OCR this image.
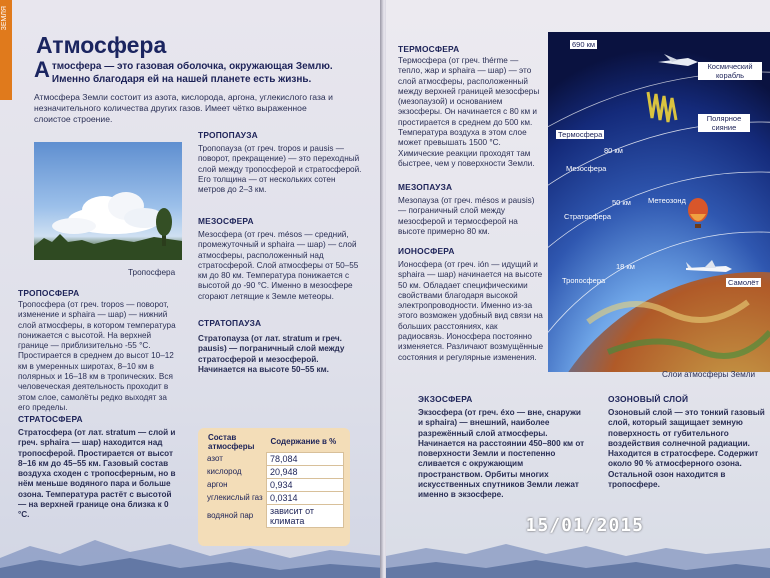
ЗЕМЛЯ
Атмосфера
Атмосфера — это газовая оболочка, окружающая Землю. Именно благодаря ей на нашей планете есть жизнь.
Атмосфера Земли состоит из азота, кислорода, аргона, углекислого газа и незначительного количества других газов. Имеет чётко выраженное слоистое строение.
Тропосфера
ТРОПОСФЕРА
Тропосфера (от греч. tropos — поворот, изменение и sphaira — шар) — нижний слой атмосферы, в котором температура понижается с высотой. На верхней границе — приблизительно -55 °С. Простирается в среднем до высот 10–12 км в умеренных широтах, 8–10 км в полярных и 16–18 км в тропических. Вся человеческая деятельность проходит в этом слое, самолёты редко выходят за его пределы.
СТРАТОСФЕРА
Стратосфера (от лат. stratum — слой и греч. sphaira — шар) находится над тропосферой. Простирается от высот 8–16 км до 45–55 км. Газовый состав воздуха сходен с тропосферным, но в нём меньше водяного пара и больше озона. Температура растёт с высотой — на верхней границе она близка к 0 °С.
ТРОПОПАУЗА
Тропопауза (от греч. tropos и pausis — поворот, прекращение) — это переходный слой между тропосферой и стратосферой. Его толщина — от нескольких сотен метров до 2–3 км.
МЕЗОСФЕРА
Мезосфера (от греч. mésos — средний, промежуточный и sphaira — шар) — слой атмосферы, расположенный над стратосферой. Слой атмосферы от 50–55 км до 80 км. Температура понижается с высотой до -90 °С. Именно в мезосфере сгорают летящие к Земле метеоры.
СТРАТОПАУЗА
Стратопауза (от лат. stratum и греч. pausis) — пограничный слой между стратосферой и мезосферой. Начинается на высоте 50–55 км.
Состав атмосферы	Содержание в %
азот	78,084
кислород	20,948
аргон	0,934
углекислый газ	0,0314
водяной пар	зависит от климата
ТЕРМОСФЕРА
Термосфера (от греч. thérme — тепло, жар и sphaira — шар) — это слой атмосферы, расположенный между верхней границей мезосферы (мезопаузой) и основанием экзосферы. Он начинается с 80 км и простирается в среднем до 500 км. Температура воздуха в этом слое может превышать 1500 °С. Химические реакции проходят там быстрее, чем у поверхности Земли.
МЕЗОПАУЗА
Мезопауза (от греч. mésos и pausis) — пограничный слой между мезосферой и термосферой на высоте примерно 80 км.
ИОНОСФЕРА
Ионосфера (от греч. ión — идущий и sphaira — шар) начинается на высоте 50 км. Обладает специфическими свойствами благодаря высокой электропроводности. Именно из-за этого возможен удобный вид связи на больших расстояниях, как радиосвязь. Ионосфера постоянно изменяется. Различают возмущённые состояния и регулярные изменения.
690 км
Космический корабль
Полярное сияние
Термосфера
80 км
Мезосфера
50 км Метеозонд
Стратосфера
18 км
Тропосфера	Самолёт
Слои атмосферы Земли
ЭКЗОСФЕРА
Экзосфера (от греч. éxo — вне, снаружи и sphaira) — внешний, наиболее разрежённый слой атмосферы. Начинается на расстоянии 450–800 км от поверхности Земли и постепенно сливается с окружающим пространством. Орбиты многих искусственных спутников Земли лежат именно в экзосфере.
ОЗОНОВЫЙ СЛОЙ
Озоновый слой — это тонкий газовый слой, который защищает земную поверхность от губительного воздействия солнечной радиации. Находится в стратосфере. Содержит около 90 % атмосферного озона. Остальной озон находится в тропосфере.
15/01/2015
